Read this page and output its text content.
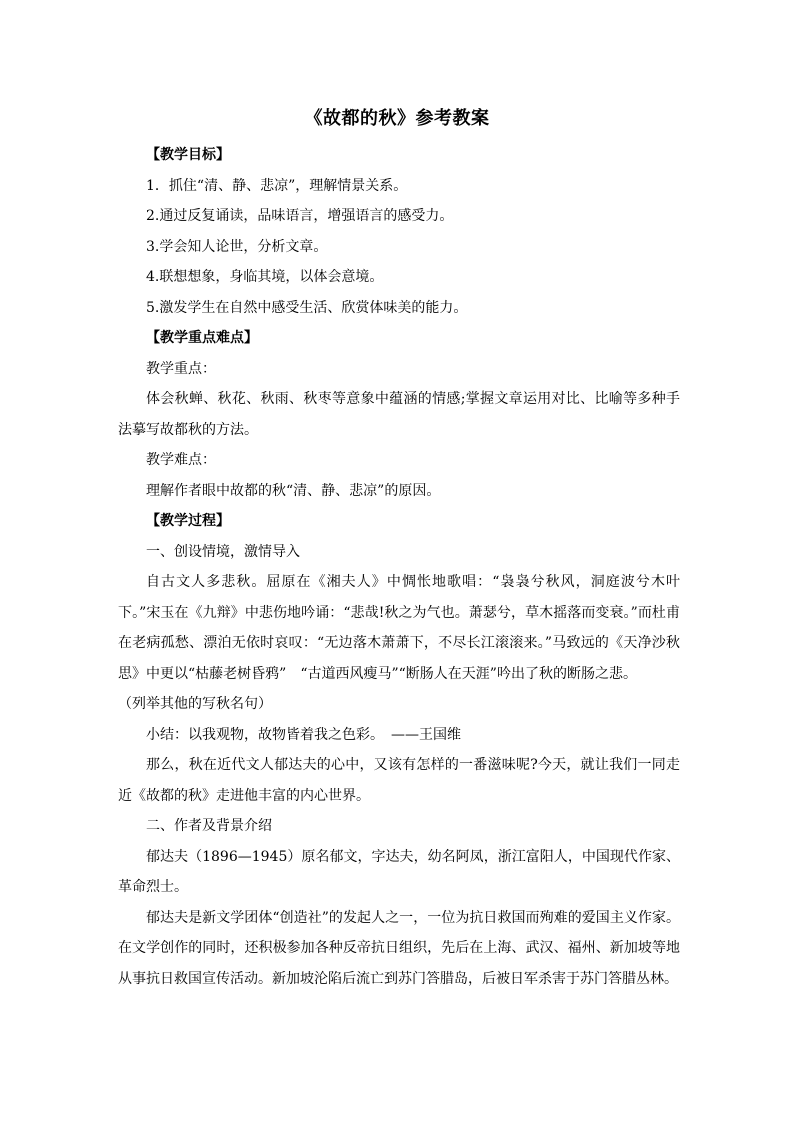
《故都的秋》参考教案

【教学目标】

1．抓住“清、静、悲凉”，理解情景关系。

2.通过反复诵读，品味语言，增强语言的感受力。

3.学会知人论世，分析文章。

4.联想想象，身临其境，以体会意境。

5.激发学生在自然中感受生活、欣赏体味美的能力。

【教学重点难点】

教学重点：

体会秋蝉、秋花、秋雨、秋枣等意象中蕴涵的情感;掌握文章运用对比、比喻等多种手法摹写故都秋的方法。

教学难点：

理解作者眼中故都的秋“清、静、悲凉”的原因。

【教学过程】

一、创设情境，激情导入

自古文人多悲秋。屈原在《湘夫人》中惆怅地歌唱：“袅袅兮秋风，洞庭波兮木叶下。”宋玉在《九辩》中悲伤地吟诵：“悲哉!秋之为气也。萧瑟兮，草木摇落而变衰。”而杜甫在老病孤愁、漂泊无依时哀叹：“无边落木萧萧下，不尽长江滚滚来。”马致远的《天净沙秋思》中更以“枯藤老树昏鸦”　“古道西风瘦马”“断肠人在天涯”吟出了秋的断肠之悲。

（列举其他的写秋名句）

小结：以我观物，故物皆着我之色彩。　——王国维

那么，秋在近代文人郁达夫的心中，又该有怎样的一番滋味呢?今天，就让我们一同走近《故都的秋》走进他丰富的内心世界。

二、作者及背景介绍

郁达夫（1896—1945）原名郁文，字达夫，幼名阿凤，浙江富阳人，中国现代作家、革命烈士。

郁达夫是新文学团体“创造社”的发起人之一，一位为抗日救国而殉难的爱国主义作家。在文学创作的同时，还积极参加各种反帝抗日组织，先后在上海、武汉、福州、新加坡等地从事抗日救国宣传活动。新加坡沦陷后流亡到苏门答腊岛，后被日军杀害于苏门答腊丛林。
